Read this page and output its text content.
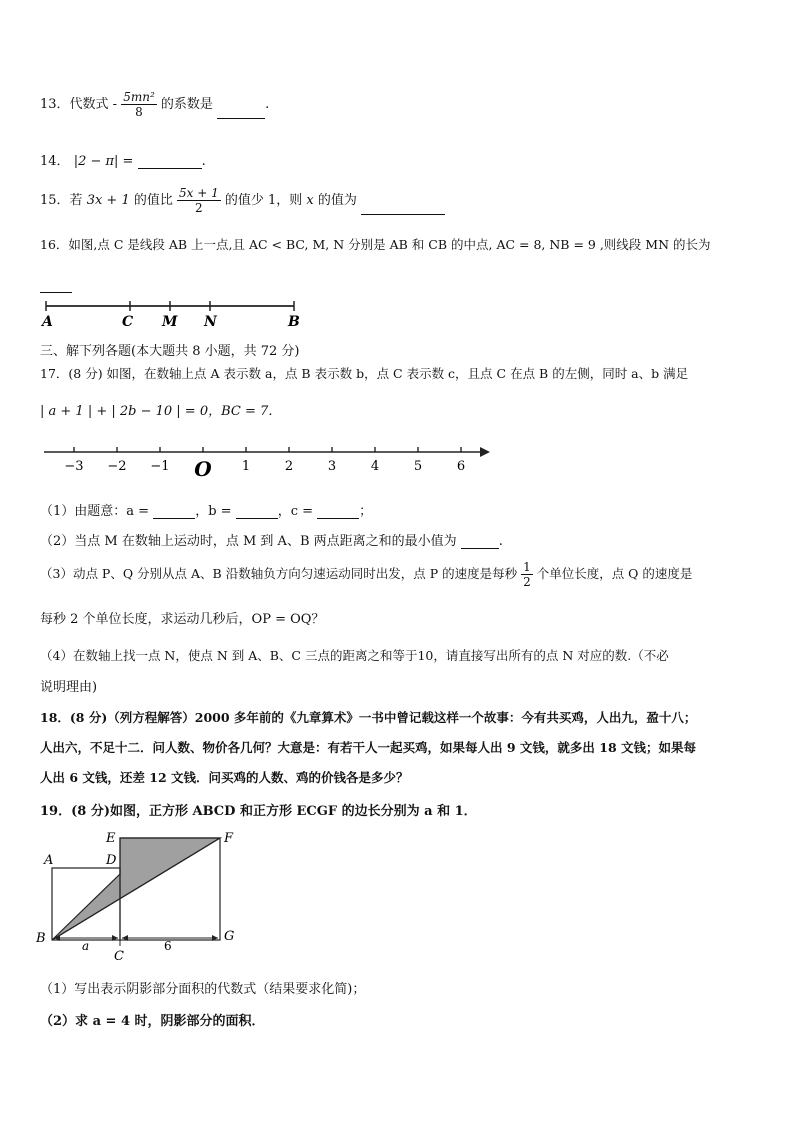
13．代数式 - $\frac{\text{5mn²}}{8}$ 的系数是	.
14． |2 − π| =	.
15．若 3x + 1 的值比 $\frac{5x + 1}{2}$ 的值少 1，则 x 的值为
16．如图,点 C 是线段 AB 上一点,且 AC < BC, M, N 分别是 AB 和 CB 的中点, AC = 8, NB = 9 ,则线段 MN 的长为
A	C M N	B
三、解下列各题(本大题共 8 小题，共 72 分)
17．(8 分) 如图，在数轴上点 A 表示数 a，点 B 表示数 b，点 C 表示数 c，且点 C 在点 B 的左侧，同时 a、b 满足
| a + 1 | + | 2b − 10 | = 0，BC = 7．
−3 −2 −1 O 1	2	3	4	5	6
（1）由题意：a =	，b =	，c =	；
（2）当点 M 在数轴上运动时，点 M 到 A、B 两点距离之和的最小值为	.
（3）动点 P、Q 分别从点 A、B 沿数轴负方向匀速运动同时出发，点 P 的速度是每秒 $\frac{1}{2}$ 个单位长度，点 Q 的速度是
每秒 2 个单位长度，求运动几秒后，OP = OQ？
（4）在数轴上找一点 N，使点 N 到 A、B、C 三点的距离之和等于10，请直接写出所有的点 N 对应的数.（不必
说明理由)
18．(8 分)（列方程解答）2000 多年前的《九章算术》一书中曾记载这样一个故事：今有共买鸡，人出九，盈十八；
人出六，不足十二．问人数、物价各几何？大意是：有若干人一起买鸡，如果每人出 9 文钱，就多出 18 文钱；如果每
人出 6 文钱，还差 12 文钱．问买鸡的人数、鸡的价钱各是多少？
19．(8 分)如图，正方形 ABCD 和正方形 ECGF 的边长分别为 a 和 1．
E	F
A	D
B	G
C
a	6
（1）写出表示阴影部分面积的代数式（结果要求化简)；
（2）求 a = 4 时，阴影部分的面积．
